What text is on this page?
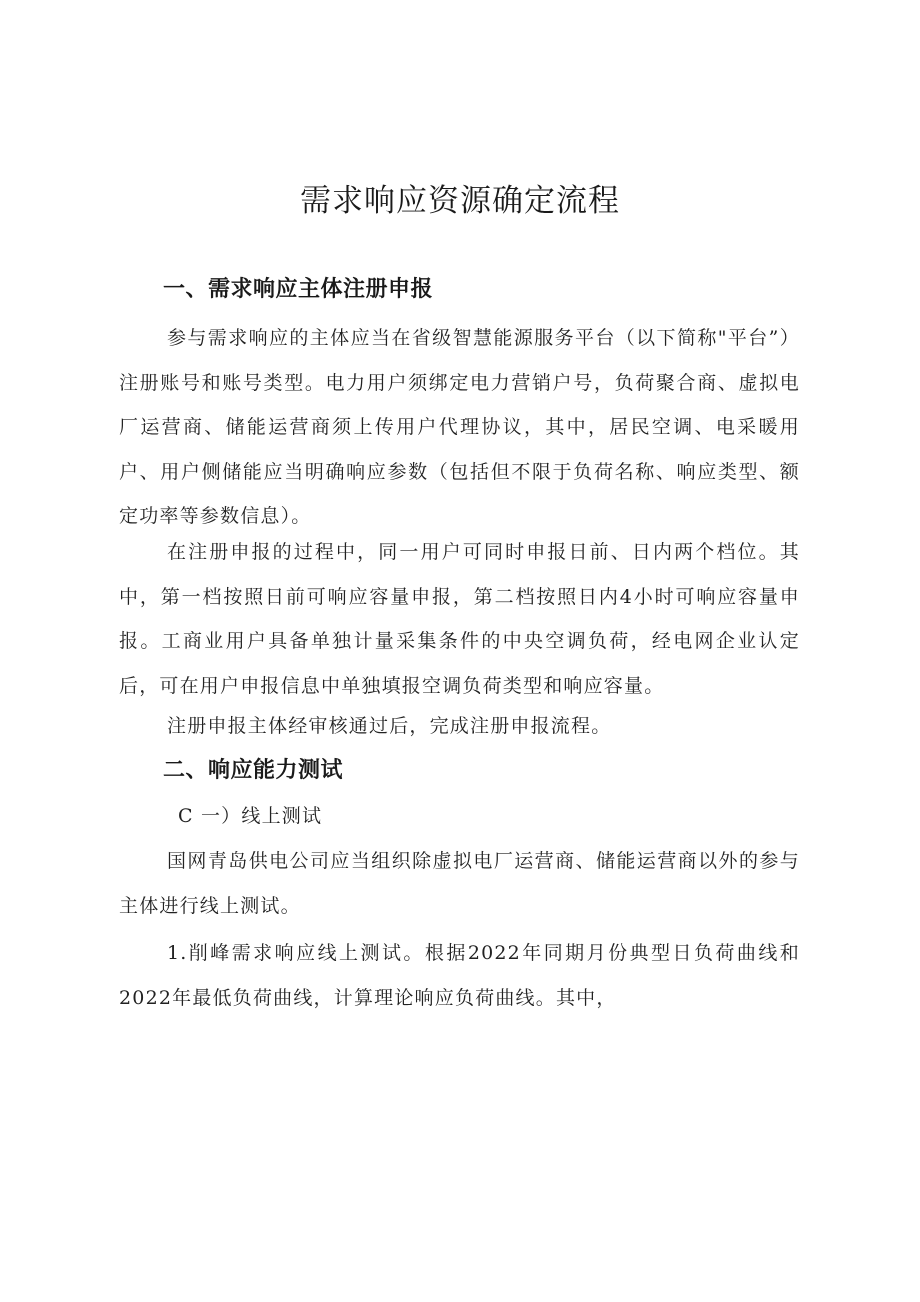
需求响应资源确定流程
一、需求响应主体注册申报

参与需求响应的主体应当在省级智慧能源服务平台（以下简称"平台”）注册账号和账号类型。电力用户须绑定电力营销户号，负荷聚合商、虚拟电厂运营商、储能运营商须上传用户代理协议，其中，居民空调、电采暖用户、用户侧储能应当明确响应参数（包括但不限于负荷名称、响应类型、额定功率等参数信息）。

在注册申报的过程中，同一用户可同时申报日前、日内两个档位。其中，第一档按照日前可响应容量申报，第二档按照日内4小时可响应容量申报。工商业用户具备单独计量采集条件的中央空调负荷，经电网企业认定后，可在用户申报信息中单独填报空调负荷类型和响应容量。

注册申报主体经审核通过后，完成注册申报流程。

二、响应能力测试

C 一）线上测试

国网青岛供电公司应当组织除虚拟电厂运营商、储能运营商以外的参与主体进行线上测试。

1.削峰需求响应线上测试。根据2022年同期月份典型日负荷曲线和2022年最低负荷曲线，计算理论响应负荷曲线。其中，
